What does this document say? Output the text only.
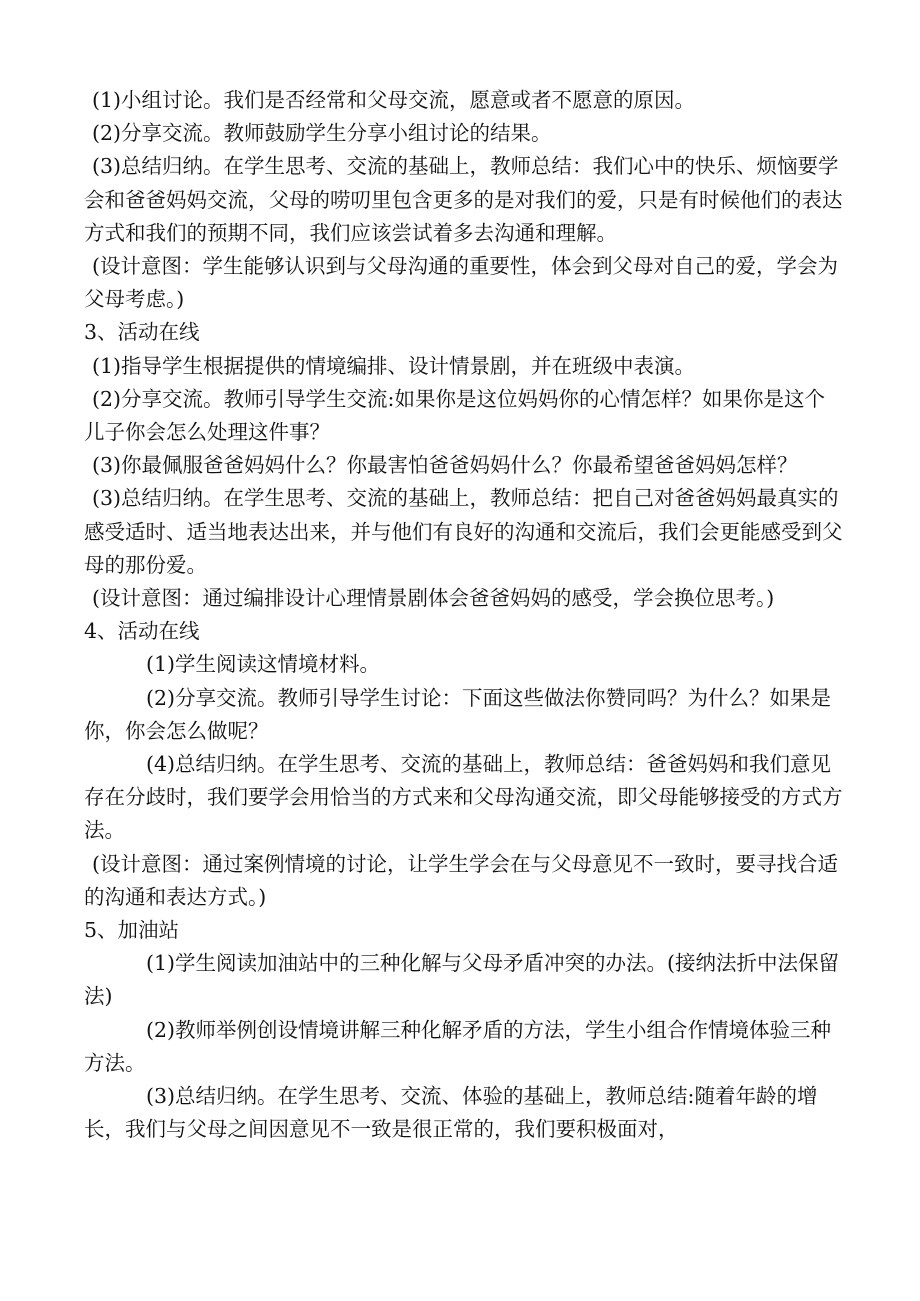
(1)小组讨论。我们是否经常和父母交流，愿意或者不愿意的原因。

(2)分享交流。教师鼓励学生分享小组讨论的结果。

(3)总结归纳。在学生思考、交流的基础上，教师总结：我们心中的快乐、烦恼要学会和爸爸妈妈交流，父母的唠叨里包含更多的是对我们的爱，只是有时候他们的表达方式和我们的预期不同，我们应该尝试着多去沟通和理解。

(设计意图：学生能够认识到与父母沟通的重要性，体会到父母对自己的爱，学会为父母考虑。)

3、活动在线

(1)指导学生根据提供的情境编排、设计情景剧，并在班级中表演。

(2)分享交流。教师引导学生交流:如果你是这位妈妈你的心情怎样？如果你是这个儿子你会怎么处理这件事？

(3)你最佩服爸爸妈妈什么？你最害怕爸爸妈妈什么？你最希望爸爸妈妈怎样？

(3)总结归纳。在学生思考、交流的基础上，教师总结：把自己对爸爸妈妈最真实的感受适时、适当地表达出来，并与他们有良好的沟通和交流后，我们会更能感受到父母的那份爱。

(设计意图：通过编排设计心理情景剧体会爸爸妈妈的感受，学会换位思考。)

4、活动在线

(1)学生阅读这情境材料。

(2)分享交流。教师引导学生讨论：下面这些做法你赞同吗？为什么？如果是你，你会怎么做呢？

(4)总结归纳。在学生思考、交流的基础上，教师总结：爸爸妈妈和我们意见存在分歧时，我们要学会用恰当的方式来和父母沟通交流，即父母能够接受的方式方法。

(设计意图：通过案例情境的讨论，让学生学会在与父母意见不一致时，要寻找合适的沟通和表达方式。)

5、加油站

(1)学生阅读加油站中的三种化解与父母矛盾冲突的办法。(接纳法折中法保留法)

(2)教师举例创设情境讲解三种化解矛盾的方法，学生小组合作情境体验三种方法。

(3)总结归纳。在学生思考、交流、体验的基础上，教师总结:随着年龄的增长，我们与父母之间因意见不一致是很正常的，我们要积极面对，
